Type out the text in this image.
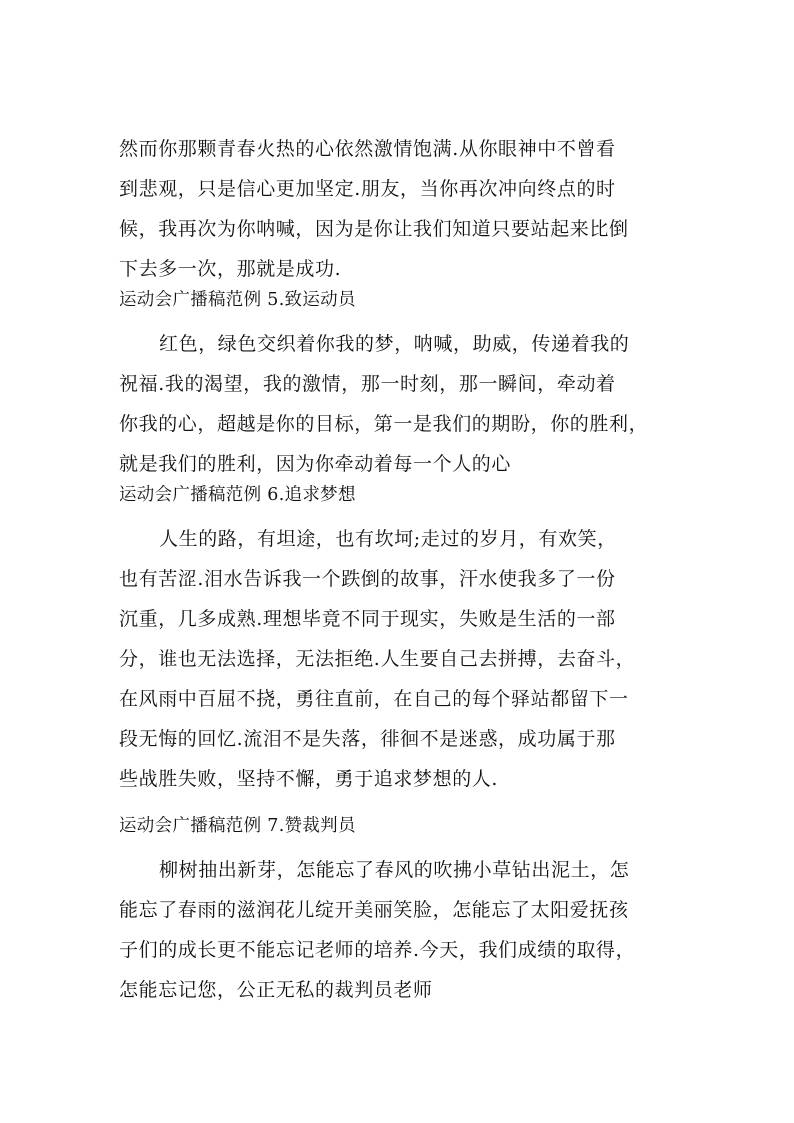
然而你那颗青春火热的心依然激情饱满.从你眼神中不曾看
到悲观，只是信心更加坚定.朋友，当你再次冲向终点的时
候，我再次为你呐喊，因为是你让我们知道只要站起来比倒
下去多一次，那就是成功.
运动会广播稿范例 5.致运动员
红色，绿色交织着你我的梦，呐喊，助威，传递着我的
祝福.我的渴望，我的激情，那一时刻，那一瞬间，牵动着
你我的心，超越是你的目标，第一是我们的期盼，你的胜利，
就是我们的胜利，因为你牵动着每一个人的心
运动会广播稿范例 6.追求梦想
人生的路，有坦途，也有坎坷;走过的岁月，有欢笑，
也有苦涩.泪水告诉我一个跌倒的故事，汗水使我多了一份
沉重，几多成熟.理想毕竟不同于现实，失败是生活的一部
分，谁也无法选择，无法拒绝.人生要自己去拼搏，去奋斗，
在风雨中百屈不挠，勇往直前，在自己的每个驿站都留下一
段无悔的回忆.流泪不是失落，徘徊不是迷惑，成功属于那
些战胜失败，坚持不懈，勇于追求梦想的人.
运动会广播稿范例 7.赞裁判员
柳树抽出新芽，怎能忘了春风的吹拂小草钻出泥土，怎
能忘了春雨的滋润花儿绽开美丽笑脸，怎能忘了太阳爱抚孩
子们的成长更不能忘记老师的培养.今天，我们成绩的取得，
怎能忘记您，公正无私的裁判员老师
